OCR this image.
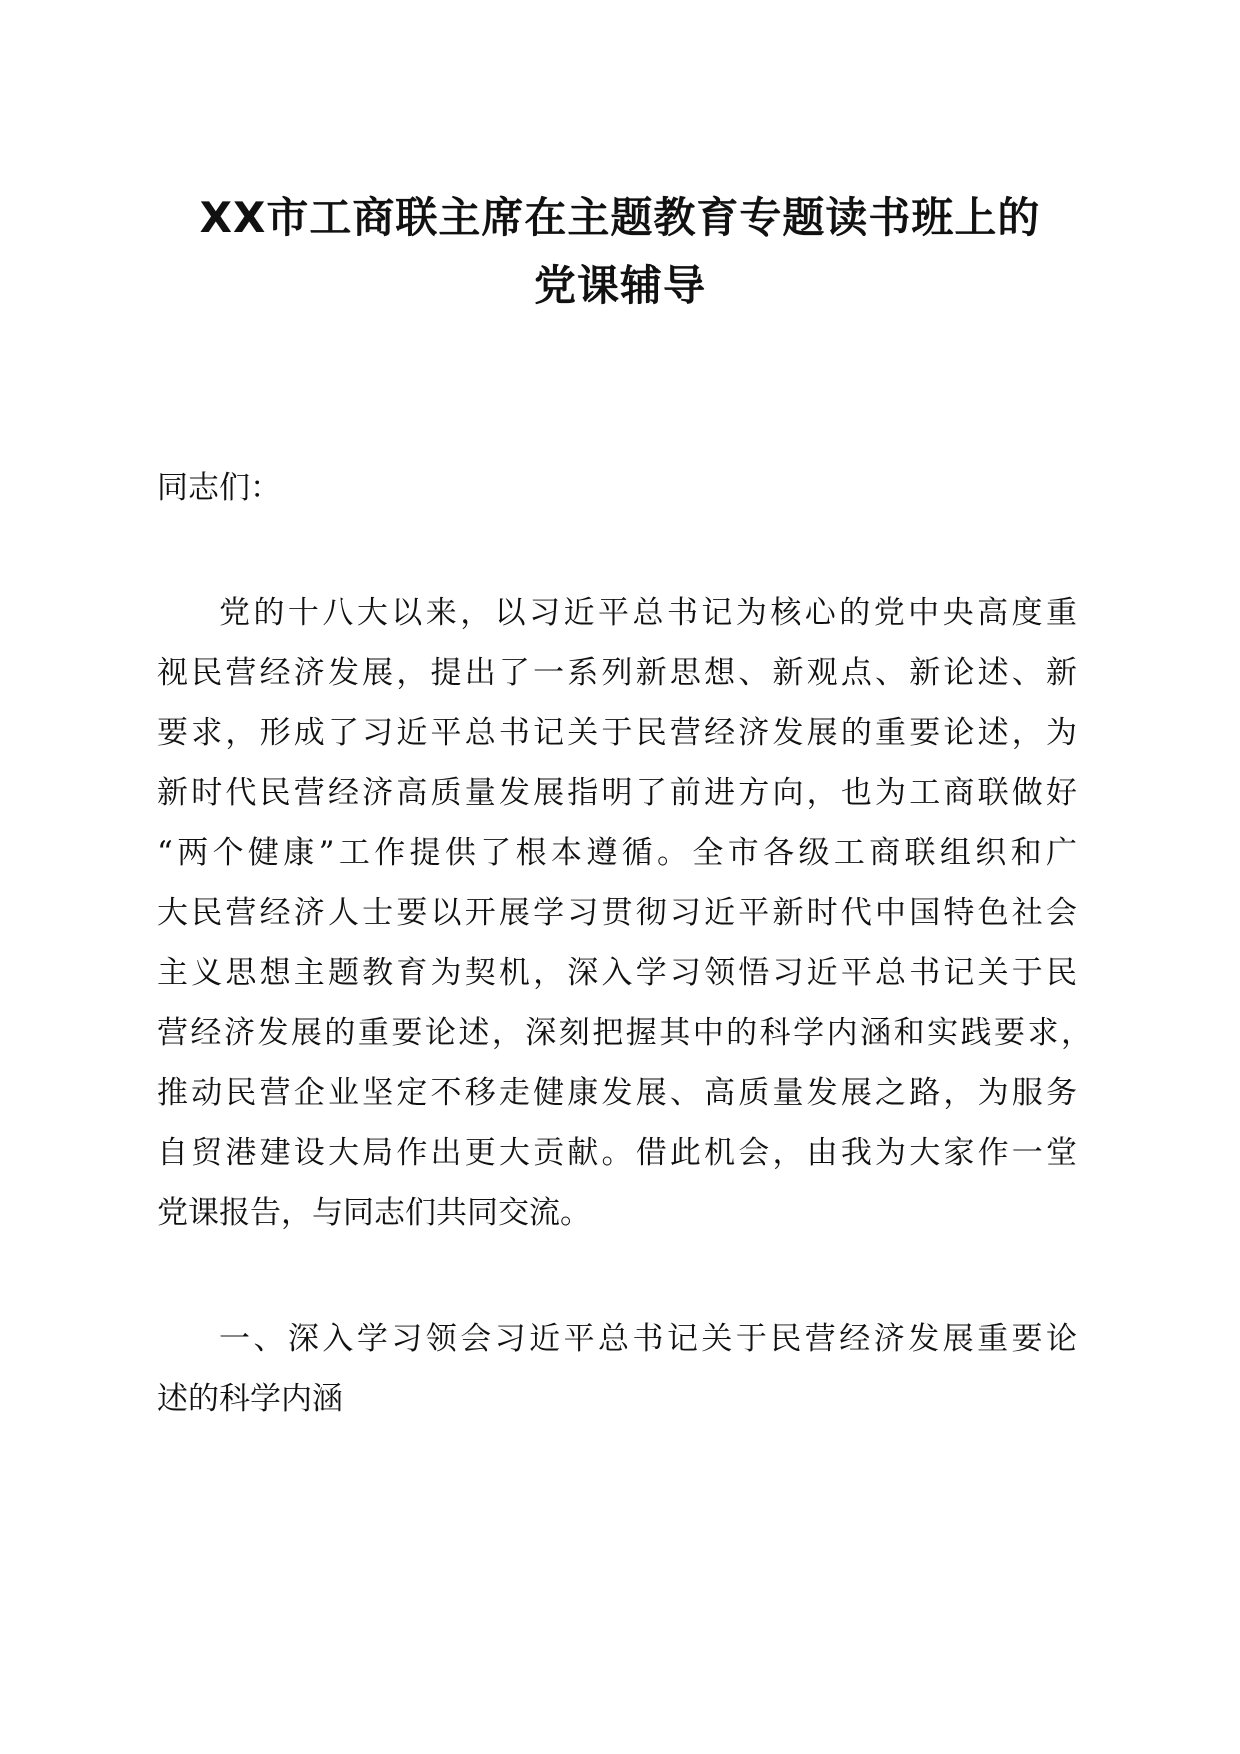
XX市工商联主席在主题教育专题读书班上的
党课辅导

同志们：

党的十八大以来，以习近平总书记为核心的党中央高度重

视民营经济发展，提出了一系列新思想、新观点、新论述、新

要求，形成了习近平总书记关于民营经济发展的重要论述，为

新时代民营经济高质量发展指明了前进方向，也为工商联做好

“两个健康”工作提供了根本遵循。全市各级工商联组织和广

大民营经济人士要以开展学习贯彻习近平新时代中国特色社会

主义思想主题教育为契机，深入学习领悟习近平总书记关于民

营经济发展的重要论述，深刻把握其中的科学内涵和实践要求，

推动民营企业坚定不移走健康发展、高质量发展之路，为服务

自贸港建设大局作出更大贡献。借此机会，由我为大家作一堂

党课报告，与同志们共同交流。

一、深入学习领会习近平总书记关于民营经济发展重要论

述的科学内涵
